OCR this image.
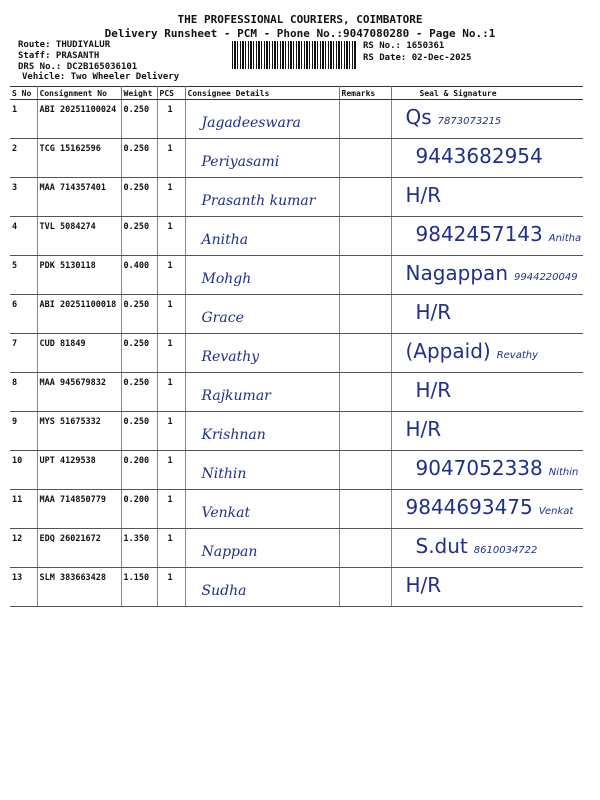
THE PROFESSIONAL COURIERS, COIMBATORE
Delivery Runsheet - PCM - Phone No.:9047080280 - Page No.:1
Route: THUDIYALUR
Staff: PRASANTH
DRS No.: DC2B165036101
Vehicle: Two Wheeler Delivery
RS No.: 1650361
RS Date: 02-Dec-2025
S No	Consignment No	Weight	PCS	Consignee Details	Remarks	Seal & Signature
1	ABI 20251100024	0.250	1	Jagadeeswara		Qs 7873073215

2	TCG 15162596	0.250	1	Periyasami		9443682954

3	MAA 714357401	0.250	1	Prasanth kumar		H/R

4	TVL 5084274	0.250	1	Anitha		9842457143 Anitha

5	PDK 5130118	0.400	1	Mohgh		Nagappan 9944220049

6	ABI 20251100018	0.250	1	Grace		H/R

7	CUD 81849	0.250	1	Revathy		(Appaid) Revathy

8	MAA 945679832	0.250	1	Rajkumar		H/R

9	MYS 51675332	0.250	1	Krishnan		H/R

10	UPT 4129538	0.200	1	Nithin		9047052338 Nithin

11	MAA 714850779	0.200	1	Venkat		9844693475 Venkat

12	EDQ 26021672	1.350	1	Nappan		S.dut 8610034722

13	SLM 383663428	1.150	1	Sudha		H/R
